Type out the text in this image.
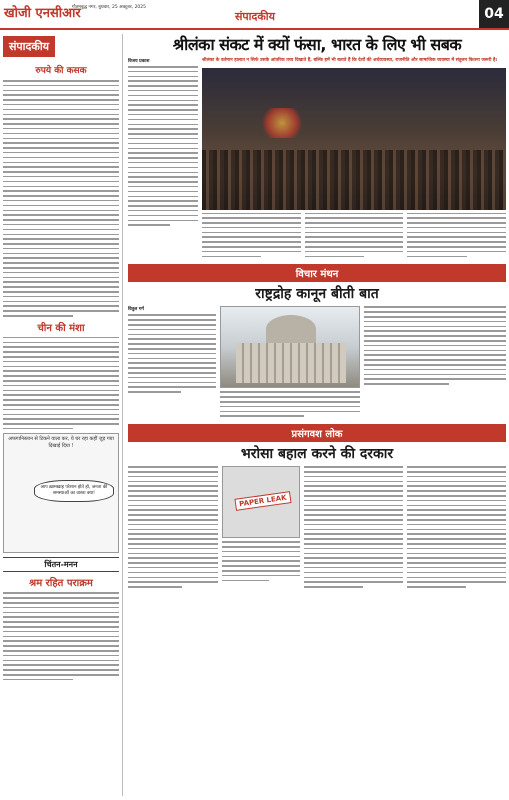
खोजी एनसीआर
गौतमबुद्ध नगर, बुधवार, 25 अक्टूबर, 2025
संपादकीय	04
संपादकीय
रुपये की कसक
चीन की मंशा
अफगानिस्तान से टिकने वाला कर, ये घर रहा कहीं जुड़ गया दिखाई दिया !
आप ख़ामखाह परेशान होते हो, जनता की समस्याओं का वास्ता क्या!
चिंतन-मनन
श्रम रहित पराक्रम
श्रीलंका संकट में क्यों फंसा, भारत के लिए भी सबक
विजय प्रकाश	श्रीलंका के वर्तमान हालात न सिर्फ उसके आंतरिक तथ्य दिखाते हैं, बल्कि हमें भी बताते हैं कि देशों की अर्थव्यवस्था, राजनीति और सामाजिक व्यवस्था में संतुलन कितना जरूरी है।
विचार मंथन
राष्ट्रद्रोह कानून बीती बात
वितुल गर्ग
प्रसंगवश लोक
भरोसा बहाल करने की दरकार
PAPER LEAK
